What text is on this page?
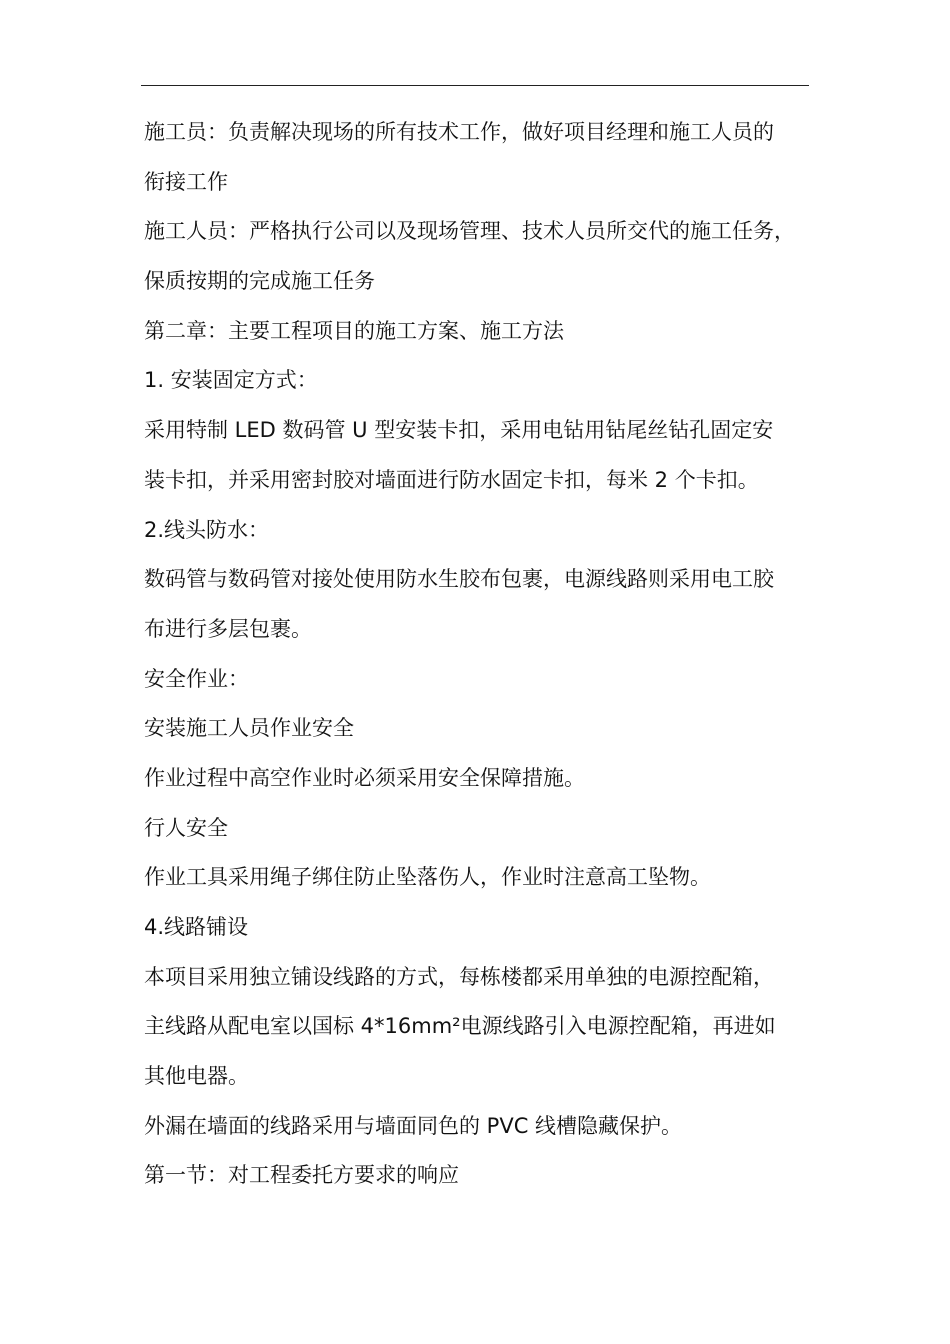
施工员：负责解决现场的所有技术工作，做好项目经理和施工人员的
衔接工作
施工人员：严格执行公司以及现场管理、技术人员所交代的施工任务，
保质按期的完成施工任务
第二章：主要工程项目的施工方案、施工方法
1. 安装固定方式：
采用特制 LED 数码管 U 型安装卡扣，采用电钻用钻尾丝钻孔固定安
装卡扣，并采用密封胶对墙面进行防水固定卡扣，每米 2 个卡扣。
2.线头防水：
数码管与数码管对接处使用防水生胶布包裹，电源线路则采用电工胶
布进行多层包裹。
安全作业：
安装施工人员作业安全
作业过程中高空作业时必须采用安全保障措施。
行人安全
作业工具采用绳子绑住防止坠落伤人，作业时注意高工坠物。
4.线路铺设
本项目采用独立铺设线路的方式，每栋楼都采用单独的电源控配箱，
主线路从配电室以国标 4*16mm²电源线路引入电源控配箱，再进如
其他电器。
外漏在墙面的线路采用与墙面同色的 PVC 线槽隐藏保护。
第一节：对工程委托方要求的响应
